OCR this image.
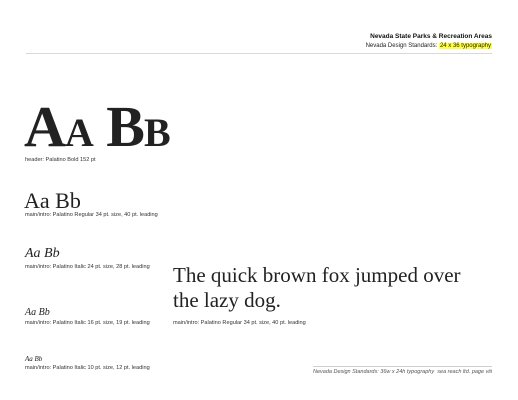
Nevada State Parks & Recreation Areas
Nevada Design Standards: 24 x 36 typography
AA BB
header: Palatino Bold 152 pt
Aa Bb
main/intro: Palatino Regular 34 pt. size, 40 pt. leading
Aa Bb
main/intro: Palatino Italic 24 pt. size, 28 pt. leading
Aa Bb
main/intro: Palatino Italic 16 pt. size, 19 pt. leading
Aa Bb
main/intro: Palatino Italic 10 pt. size, 12 pt. leading
The quick brown fox jumped over the lazy dog.
main/intro: Palatino Regular 34 pt. size, 40 pt. leading
Nevada Design Standards: 36w x 24h typography sea reach ltd. page viii
